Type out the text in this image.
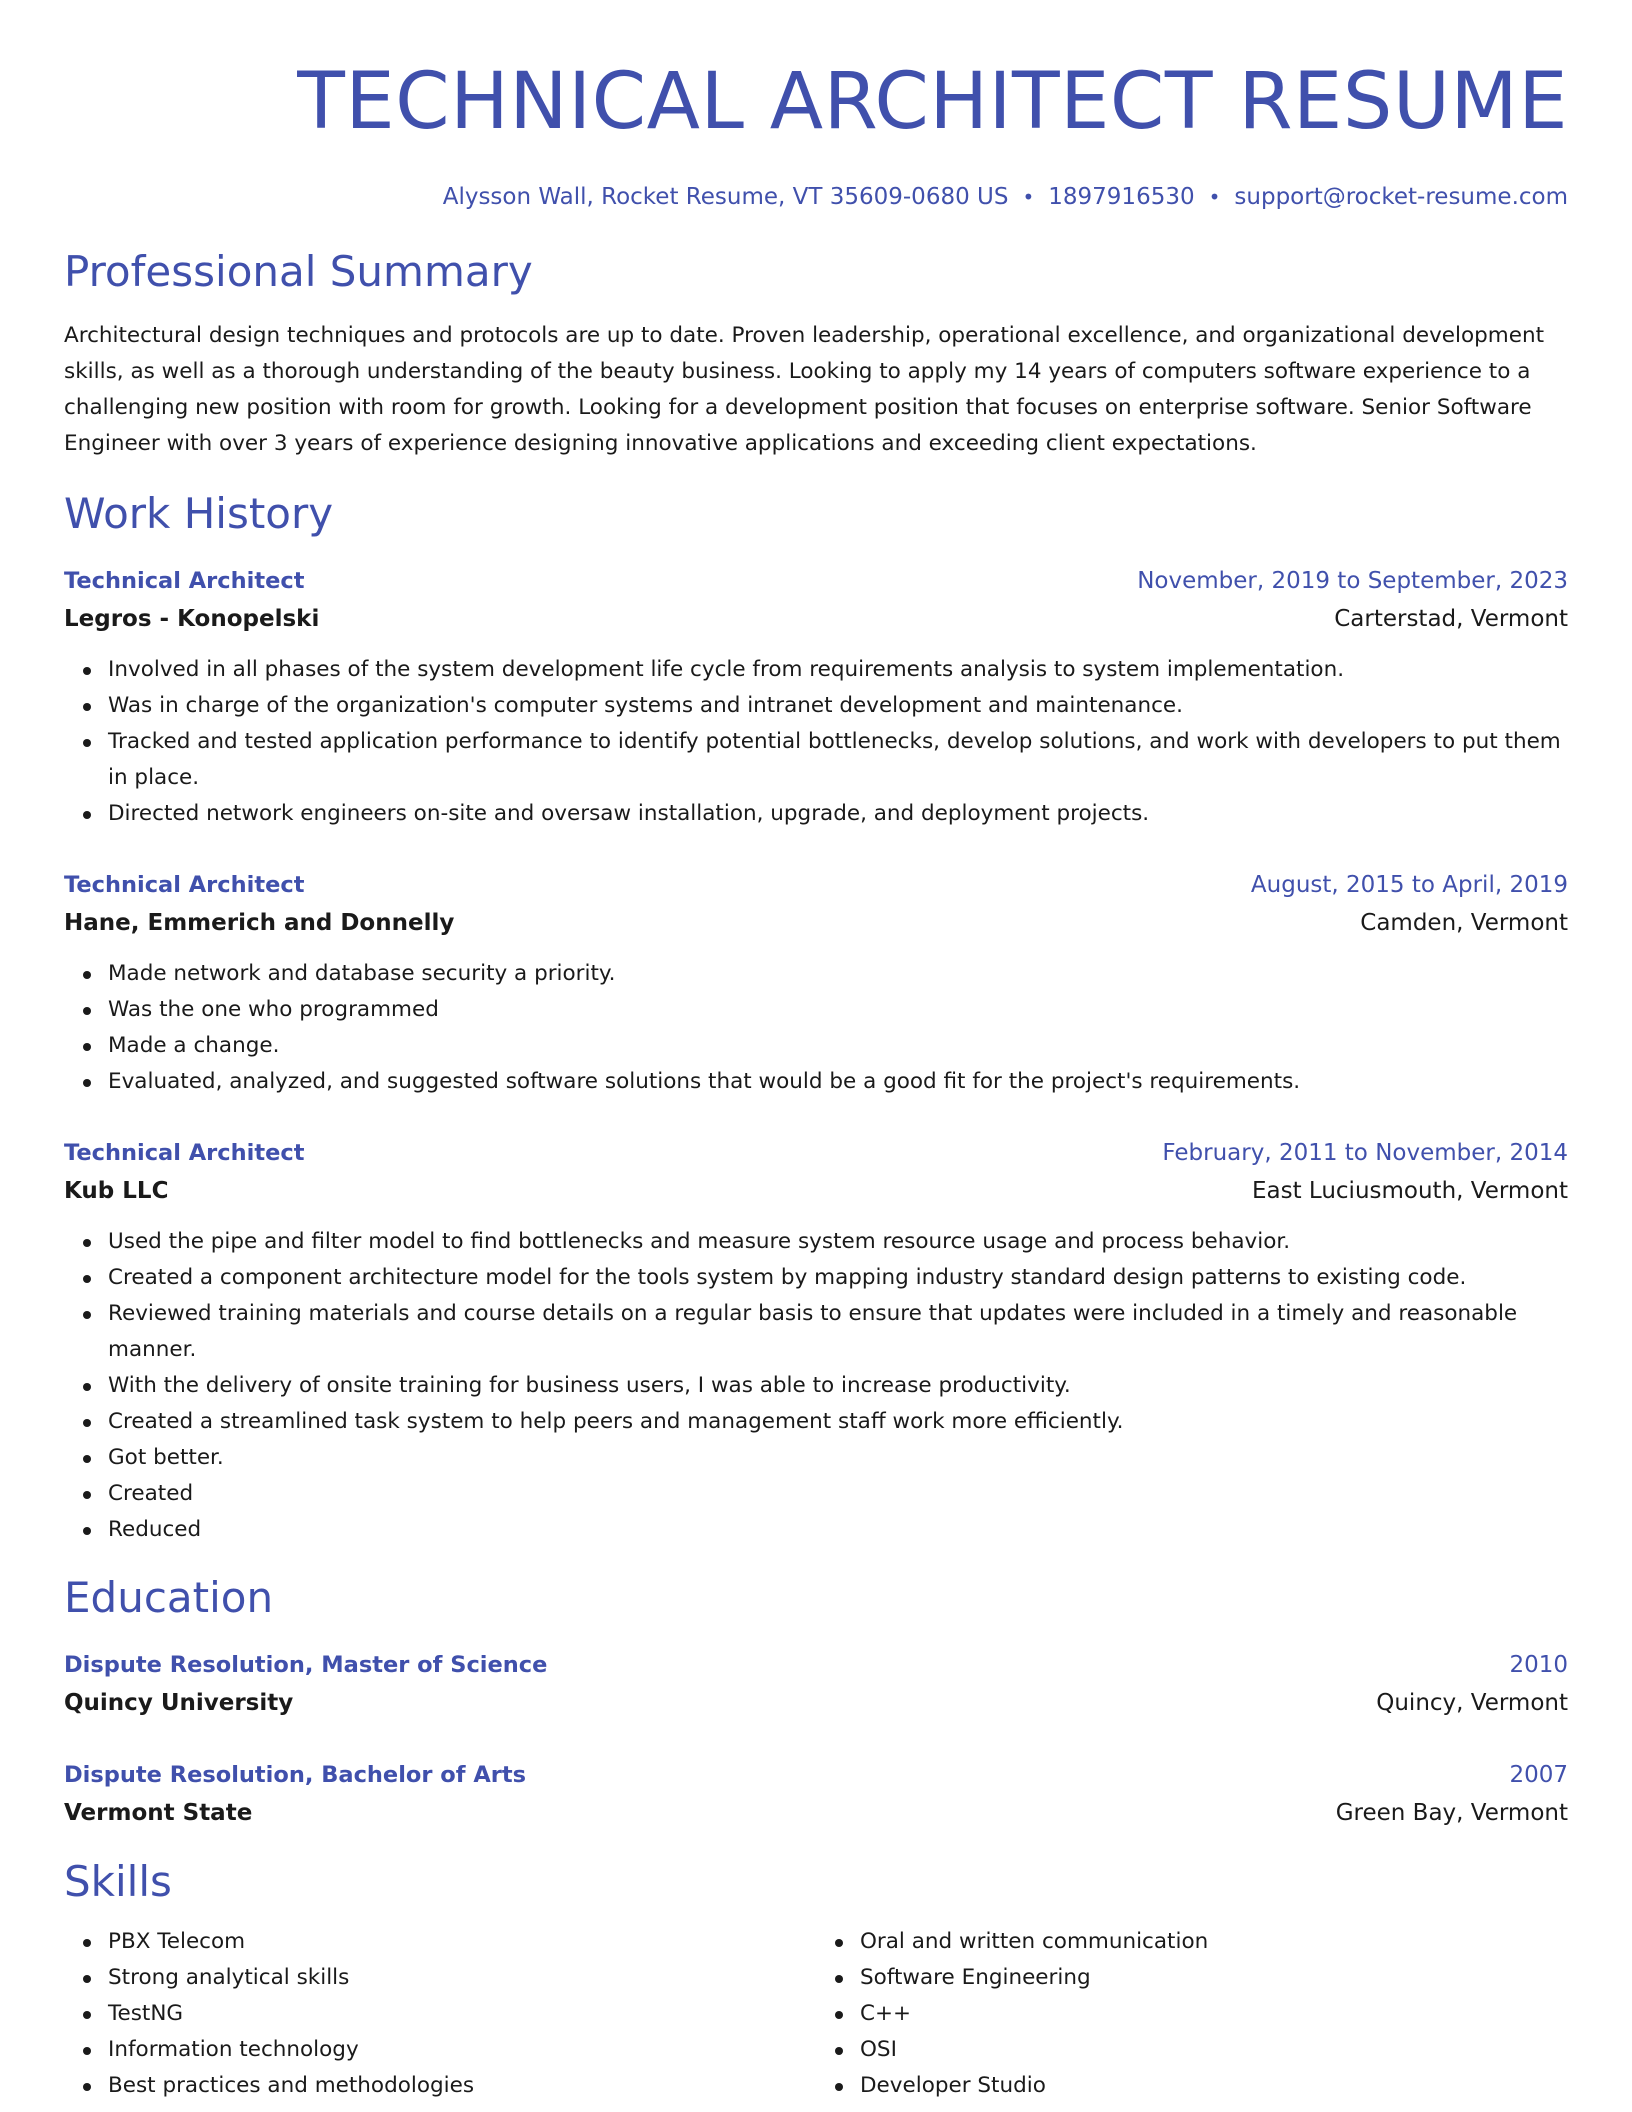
TECHNICAL ARCHITECT RESUME
Alysson Wall, Rocket Resume, VT 35609-0680 US • 1897916530 • support@rocket-resume.com
Professional Summary

Architectural design techniques and protocols are up to date. Proven leadership, operational excellence, and organizational development skills, as well as a thorough understanding of the beauty business. Looking to apply my 14 years of computers software experience to a challenging new position with room for growth. Looking for a development position that focuses on enterprise software. Senior Software Engineer with over 3 years of experience designing innovative applications and exceeding client expectations.

Work History
Technical Architect	November, 2019 to September, 2023
Legros - Konopelski	Carterstad, Vermont
Involved in all phases of the system development life cycle from requirements analysis to system implementation.
Was in charge of the organization's computer systems and intranet development and maintenance.
Tracked and tested application performance to identify potential bottlenecks, develop solutions, and work with developers to put them in place.
Directed network engineers on-site and oversaw installation, upgrade, and deployment projects.
Technical Architect	August, 2015 to April, 2019
Hane, Emmerich and Donnelly	Camden, Vermont
Made network and database security a priority.
Was the one who programmed
Made a change.
Evaluated, analyzed, and suggested software solutions that would be a good fit for the project's requirements.
Technical Architect	February, 2011 to November, 2014
Kub LLC	East Luciusmouth, Vermont
Used the pipe and filter model to find bottlenecks and measure system resource usage and process behavior.
Created a component architecture model for the tools system by mapping industry standard design patterns to existing code.
Reviewed training materials and course details on a regular basis to ensure that updates were included in a timely and reasonable manner.
With the delivery of onsite training for business users, I was able to increase productivity.
Created a streamlined task system to help peers and management staff work more efficiently.
Got better.
Created
Reduced
Education
Dispute Resolution, Master of Science	2010
Quincy University	Quincy, Vermont
Dispute Resolution, Bachelor of Arts	2007
Vermont State	Green Bay, Vermont
Skills
PBX Telecom
Strong analytical skills
TestNG
Information technology
Best practices and methodologies
Oral and written communication
Software Engineering
C++
OSI
Developer Studio
